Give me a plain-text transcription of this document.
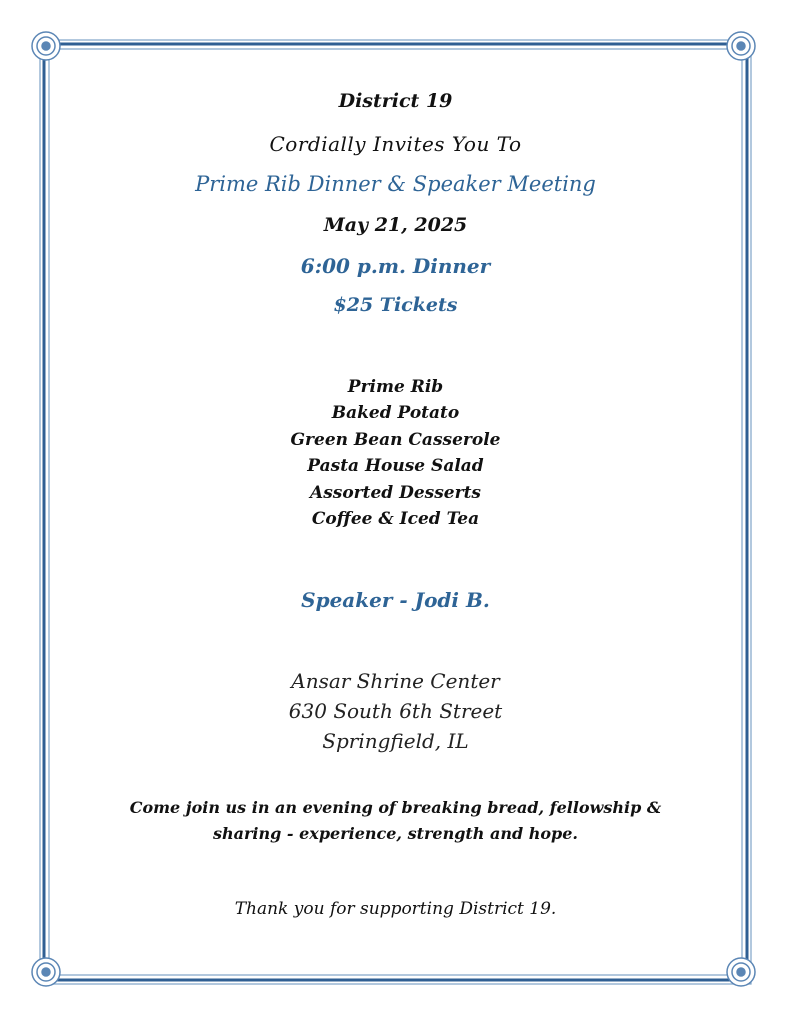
District 19
Cordially Invites You To
Prime Rib Dinner & Speaker Meeting
May 21, 2025
6:00 p.m. Dinner
$25 Tickets
Prime Rib
Baked Potato
Green Bean Casserole
Pasta House Salad
Assorted Desserts
Coffee & Iced Tea
Speaker - Jodi B.
Ansar Shrine Center
630 South 6th Street
Springfield, IL
Come join us in an evening of breaking bread, fellowship & sharing - experience, strength and hope.
Thank you for supporting District 19.
